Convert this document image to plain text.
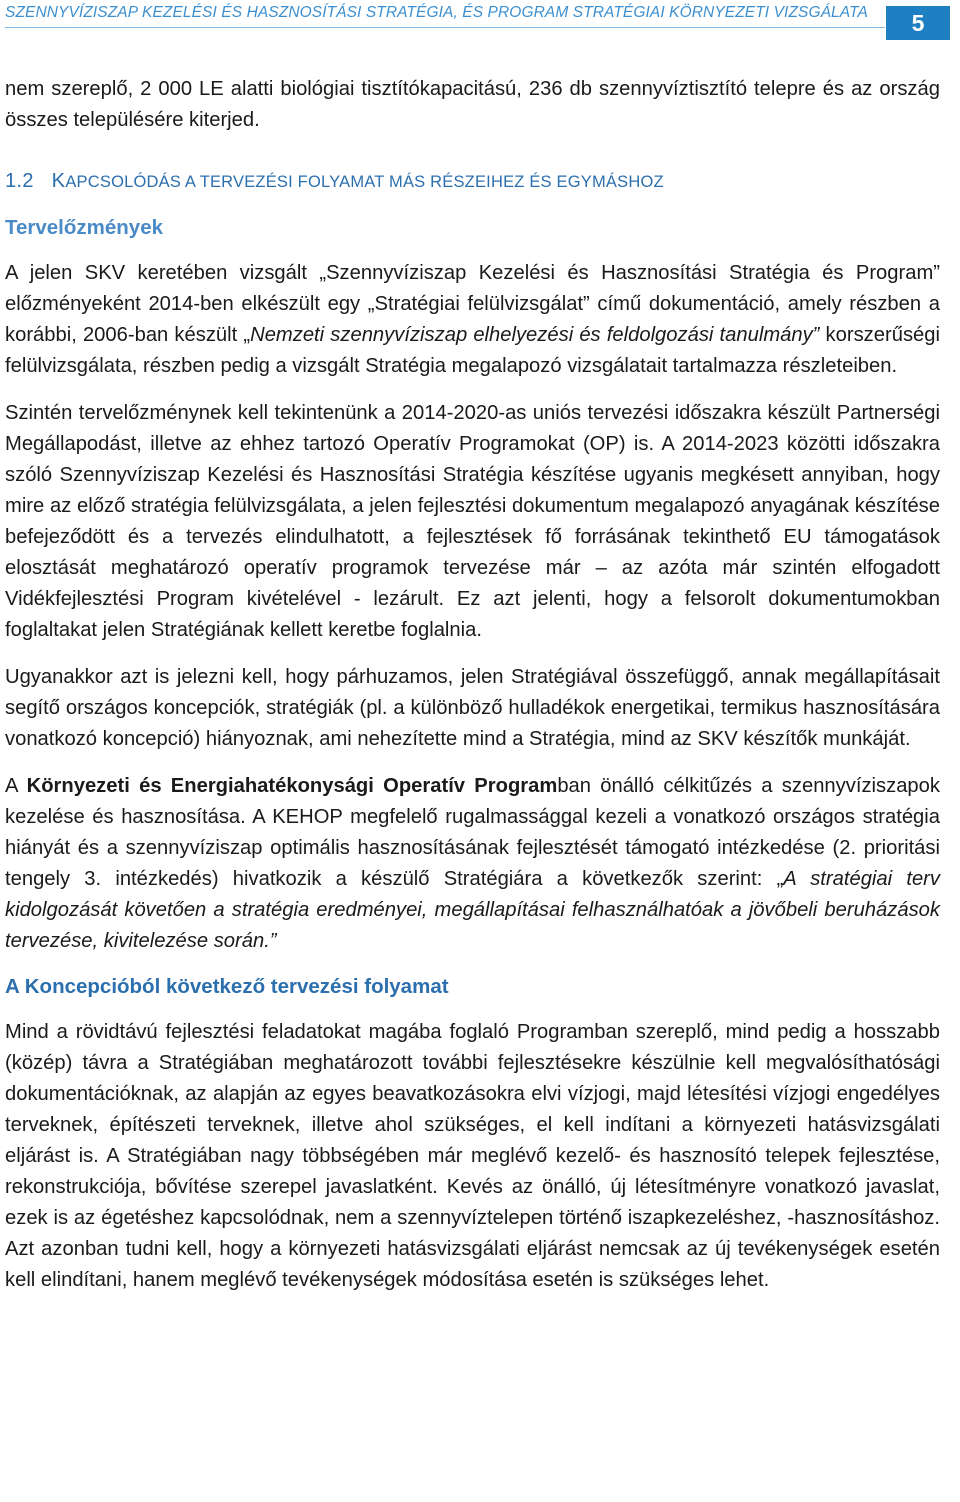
SZENNYVÍZISZAP KEZELÉSI ÉS HASZNOSÍTÁSI STRATÉGIA, ÉS PROGRAM STRATÉGIAI KÖRNYEZETI VIZSGÁLATA	5

nem szereplő, 2 000 LE alatti biológiai tisztítókapacitású, 236 db szennyvíztisztító telepre és az ország összes településére kiterjed.

1.2 KAPCSOLÓDÁS A TERVEZÉSI FOLYAMAT MÁS RÉSZEIHEZ ÉS EGYMÁSHOZ
Tervelőzmények

A jelen SKV keretében vizsgált „Szennyvíziszap Kezelési és Hasznosítási Stratégia és Program” előzményeként 2014-ben elkészült egy „Stratégiai felülvizsgálat” című dokumentáció, amely részben a korábbi, 2006-ban készült „Nemzeti szennyvíziszap elhelyezési és feldolgozási tanulmány” korszerűségi felülvizsgálata, részben pedig a vizsgált Stratégia megalapozó vizsgálatait tartalmazza részleteiben.

Szintén tervelőzménynek kell tekintenünk a 2014-2020-as uniós tervezési időszakra készült Partnerségi Megállapodást, illetve az ehhez tartozó Operatív Programokat (OP) is. A 2014-2023 közötti időszakra szóló Szennyvíziszap Kezelési és Hasznosítási Stratégia készítése ugyanis megkésett annyiban, hogy mire az előző stratégia felülvizsgálata, a jelen fejlesztési dokumentum megalapozó anyagának készítése befejeződött és a tervezés elindulhatott, a fejlesztések fő forrásának tekinthető EU támogatások elosztását meghatározó operatív programok tervezése már – az azóta már szintén elfogadott Vidékfejlesztési Program kivételével - lezárult. Ez azt jelenti, hogy a felsorolt dokumentumokban foglaltakat jelen Stratégiának kellett keretbe foglalnia.

Ugyanakkor azt is jelezni kell, hogy párhuzamos, jelen Stratégiával összefüggő, annak megállapításait segítő országos koncepciók, stratégiák (pl. a különböző hulladékok energetikai, termikus hasznosítására vonatkozó koncepció) hiányoznak, ami nehezítette mind a Stratégia, mind az SKV készítők munkáját.

A Környezeti és Energiahatékonysági Operatív Programban önálló célkitűzés a szennyvíziszapok kezelése és hasznosítása. A KEHOP megfelelő rugalmassággal kezeli a vonatkozó országos stratégia hiányát és a szennyvíziszap optimális hasznosításának fejlesztését támogató intézkedése (2. prioritási tengely 3. intézkedés) hivatkozik a készülő Stratégiára a következők szerint: „A stratégiai terv kidolgozását követően a stratégia eredményei, megállapításai felhasználhatóak a jövőbeli beruházások tervezése, kivitelezése során.”

A Koncepcióból következő tervezési folyamat

Mind a rövidtávú fejlesztési feladatokat magába foglaló Programban szereplő, mind pedig a hosszabb (közép) távra a Stratégiában meghatározott további fejlesztésekre készülnie kell megvalósíthatósági dokumentációknak, az alapján az egyes beavatkozásokra elvi vízjogi, majd létesítési vízjogi engedélyes terveknek, építészeti terveknek, illetve ahol szükséges, el kell indítani a környezeti hatásvizsgálati eljárást is. A Stratégiában nagy többségében már meglévő kezelő- és hasznosító telepek fejlesztése, rekonstrukciója, bővítése szerepel javaslatként. Kevés az önálló, új létesítményre vonatkozó javaslat, ezek is az égetéshez kapcsolódnak, nem a szennyvíztelepen történő iszapkezeléshez, -hasznosításhoz. Azt azonban tudni kell, hogy a környezeti hatásvizsgálati eljárást nemcsak az új tevékenységek esetén kell elindítani, hanem meglévő tevékenységek módosítása esetén is szükséges lehet.
